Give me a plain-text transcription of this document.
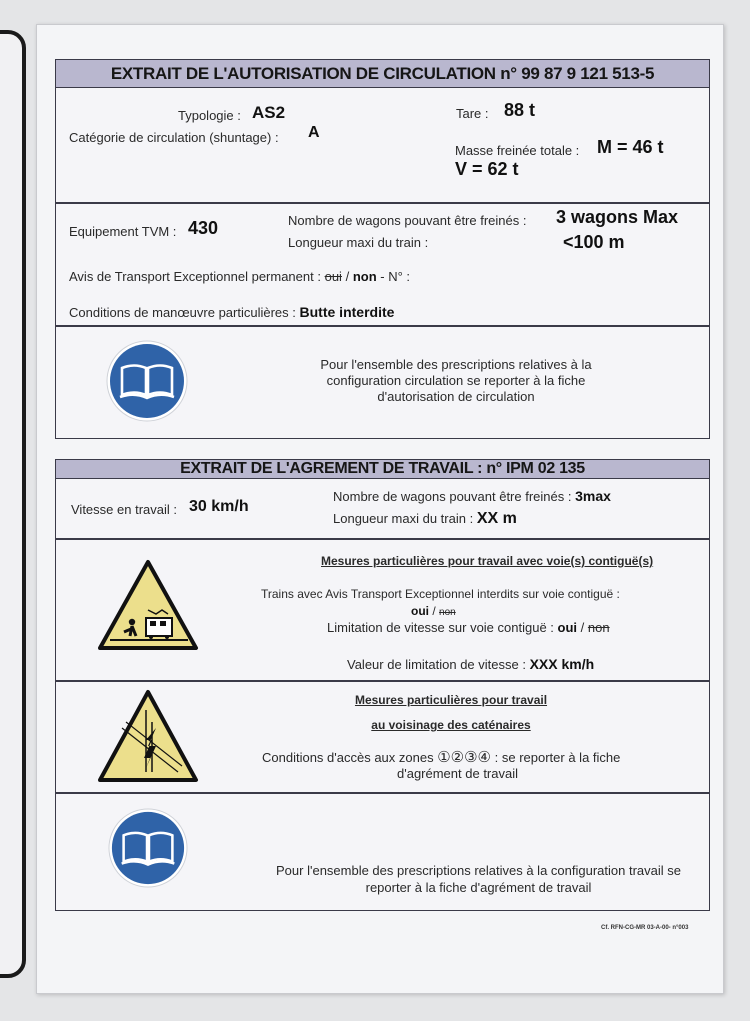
EXTRAIT DE L'AUTORISATION DE CIRCULATION n° 99 87 9 121 513-5
Typologie : AS2
Catégorie de circulation (shuntage) : A
Tare : 88 t
Masse freinée totale : M = 46 t
V = 62 t
Equipement TVM : 430	Nombre de wagons pouvant être freinés : 3 wagons Max
Longueur maxi du train :	<100 m
Avis de Transport Exceptionnel permanent : oui / non - N° :
Conditions de manœuvre particulières : Butte interdite
Pour l'ensemble des prescriptions relatives à la
configuration circulation se reporter à la fiche
d'autorisation de circulation
EXTRAIT DE L'AGREMENT DE TRAVAIL : n° IPM 02 135
Vitesse en travail : 30 km/h
Nombre de wagons pouvant être freinés : 3max
Longueur maxi du train : XX m
Mesures particulières pour travail avec voie(s) contiguë(s)
Trains avec Avis Transport Exceptionnel interdits sur voie contiguë :
oui / non
Limitation de vitesse sur voie contiguë : oui / non
Valeur de limitation de vitesse : XXX km/h
Mesures particulières pour travail
au voisinage des caténaires
Conditions d'accès aux zones ①②③④ : se reporter à la fiche
d'agrément de travail
Pour l'ensemble des prescriptions relatives à la configuration travail se
reporter à la fiche d'agrément de travail
Cf. RFN-CG-MR 03-A-00- n°003
